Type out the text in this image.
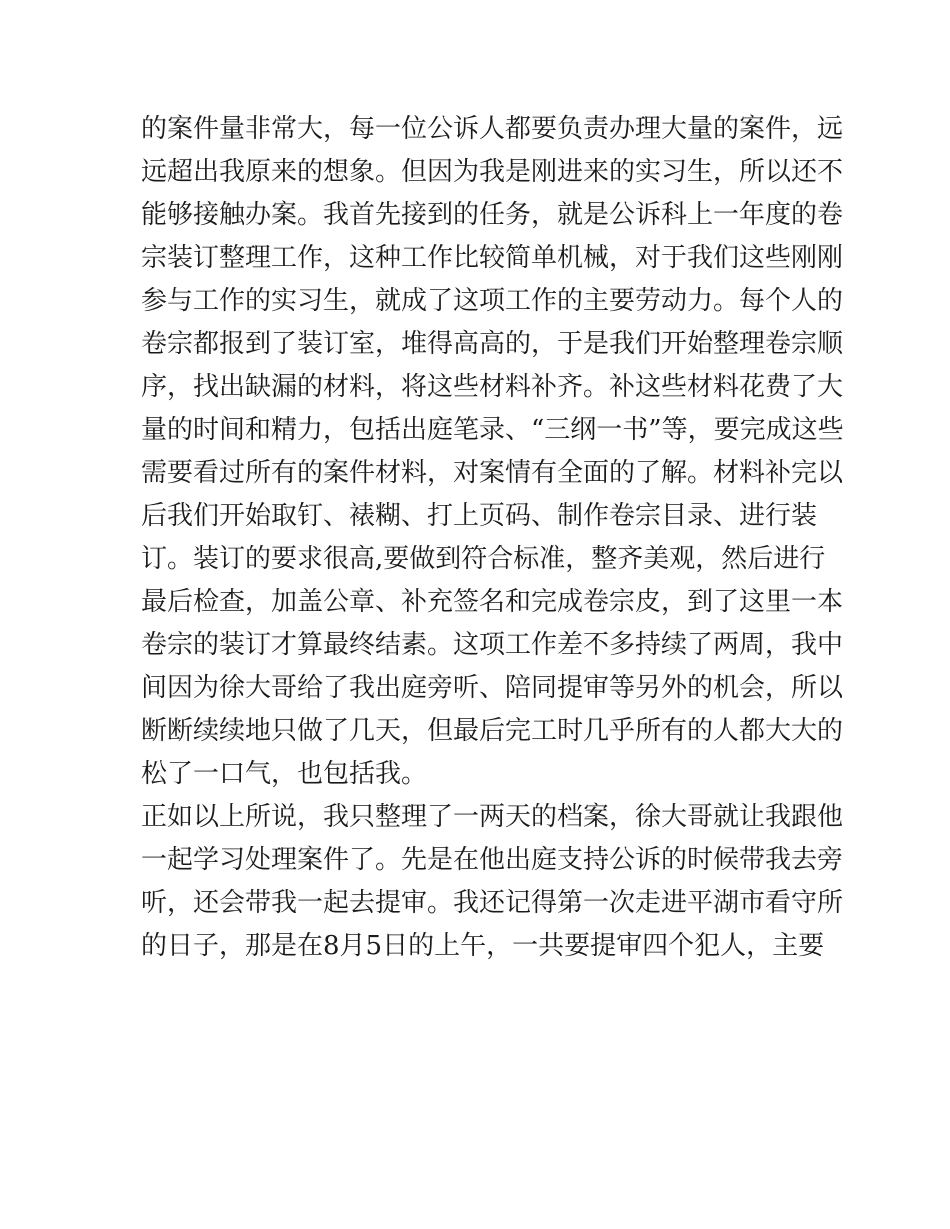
的案件量非常大，每一位公诉人都要负责办理大量的案件，远
远超出我原来的想象。但因为我是刚进来的实习生，所以还不
能够接触办案。我首先接到的任务，就是公诉科上一年度的卷
宗装订整理工作，这种工作比较简单机械，对于我们这些刚刚
参与工作的实习生，就成了这项工作的主要劳动力。每个人的
卷宗都报到了装订室，堆得高高的，于是我们开始整理卷宗顺
序，找出缺漏的材料，将这些材料补齐。补这些材料花费了大
量的时间和精力，包括出庭笔录、“三纲一书”等，要完成这些
需要看过所有的案件材料，对案情有全面的了解。材料补完以
后我们开始取钉、裱糊、打上页码、制作卷宗目录、进行装
订。装订的要求很高,要做到符合标准，整齐美观，然后进行
最后检查，加盖公章、补充签名和完成卷宗皮，到了这里一本
卷宗的装订才算最终结素。这项工作差不多持续了两周，我中
间因为徐大哥给了我出庭旁听、陪同提审等另外的机会，所以
断断续续地只做了几天，但最后完工时几乎所有的人都大大的
松了一口气，也包括我。
正如以上所说，我只整理了一两天的档案，徐大哥就让我跟他
一起学习处理案件了。先是在他出庭支持公诉的时候带我去旁
听，还会带我一起去提审。我还记得第一次走进平湖市看守所
的日子，那是在8月5日的上午，一共要提审四个犯人，主要
